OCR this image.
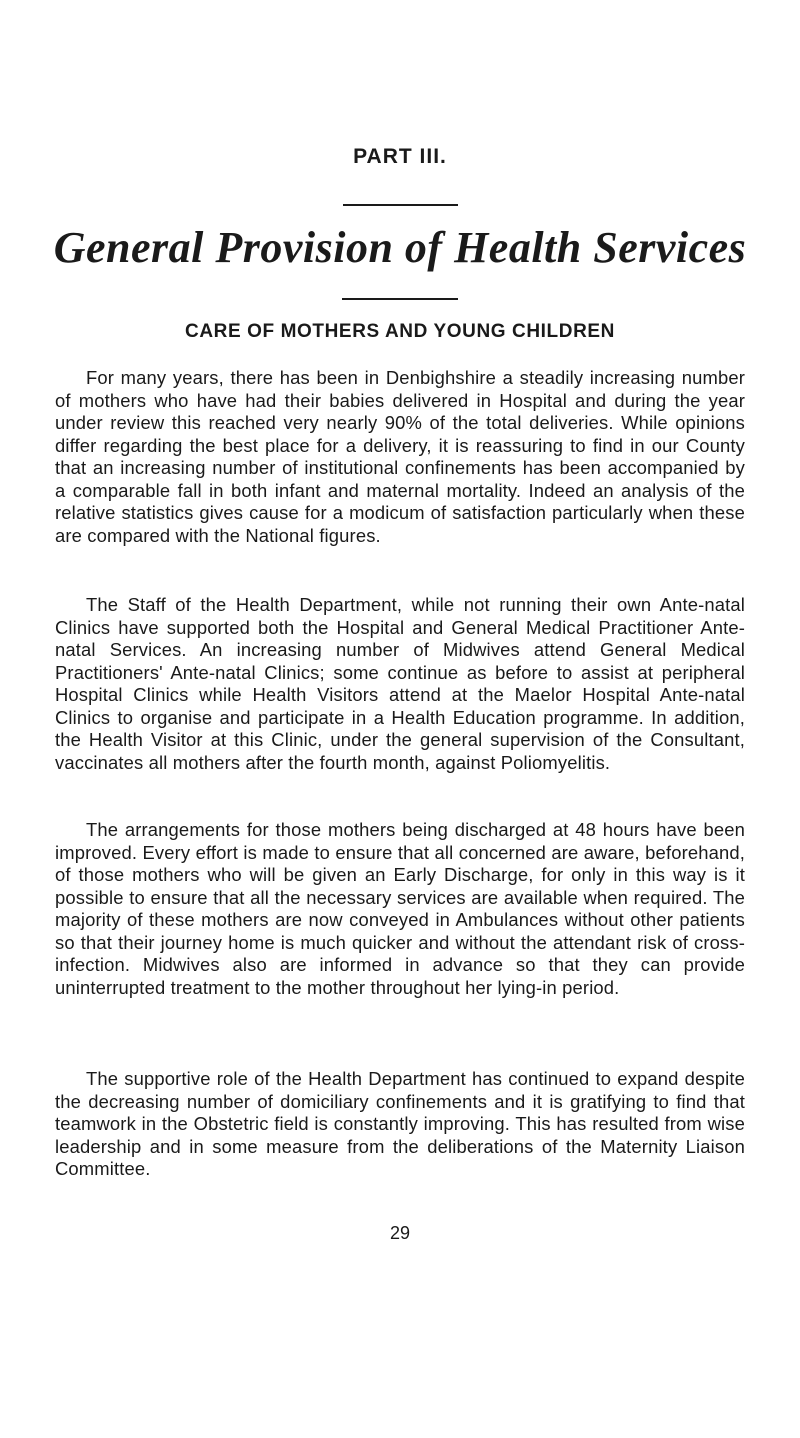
PART III.
General Provision of Health Services
CARE OF MOTHERS AND YOUNG CHILDREN

For many years, there has been in Denbighshire a steadily increasing number of mothers who have had their babies delivered in Hospital and during the year under review this reached very nearly 90% of the total deliveries. While opinions differ regarding the best place for a delivery, it is reassuring to find in our County that an increasing number of institutional confinements has been accompanied by a comparable fall in both infant and maternal mortality. Indeed an analysis of the relative statistics gives cause for a modicum of satisfaction particularly when these are compared with the National figures.

The Staff of the Health Department, while not running their own Ante-natal Clinics have supported both the Hospital and General Medical Practitioner Ante-natal Services. An increasing number of Midwives attend General Medical Practitioners' Ante-natal Clinics; some continue as before to assist at peripheral Hospital Clinics while Health Visitors attend at the Maelor Hospital Ante-natal Clinics to organise and participate in a Health Education programme. In addition, the Health Visitor at this Clinic, under the general supervision of the Consultant, vaccinates all mothers after the fourth month, against Poliomyelitis.

The arrangements for those mothers being discharged at 48 hours have been improved. Every effort is made to ensure that all concerned are aware, beforehand, of those mothers who will be given an Early Discharge, for only in this way is it possible to ensure that all the necessary services are available when required. The majority of these mothers are now conveyed in Ambulances without other patients so that their journey home is much quicker and without the attendant risk of cross-infection. Midwives also are informed in advance so that they can provide uninterrupted treatment to the mother throughout her lying-in period.

The supportive role of the Health Department has continued to expand despite the decreasing number of domiciliary confinements and it is gratifying to find that teamwork in the Obstetric field is constantly improving. This has resulted from wise leadership and in some measure from the deliberations of the Maternity Liaison Committee.

29
